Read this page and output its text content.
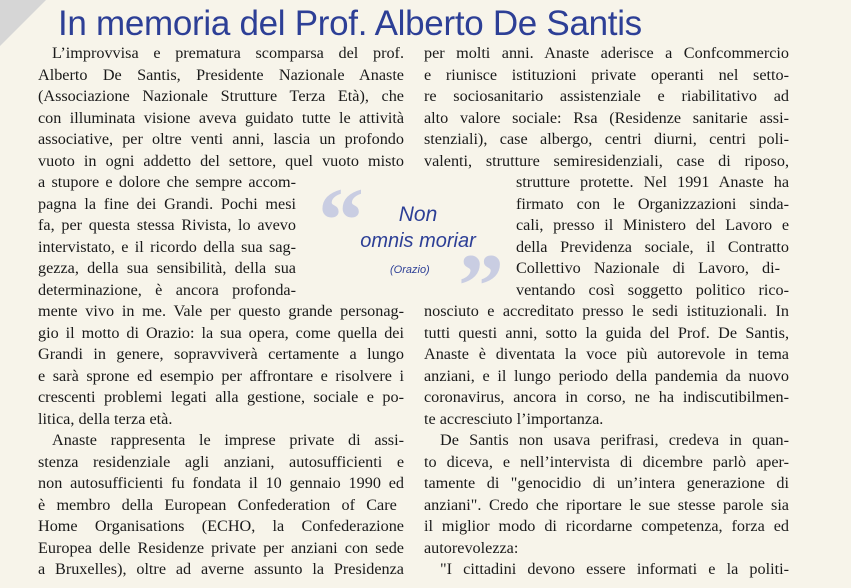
In memoria del Prof. Alberto De Santis
L’improvvisa e prematura scomparsa del prof.
Alberto De Santis, Presidente Nazionale Anaste
(Associazione Nazionale Strutture Terza Età), che
con illuminata visione aveva guidato tutte le attività
associative, per oltre venti anni, lascia un profondo
vuoto in ogni addetto del settore, quel vuoto misto
a stupore e dolore che sempre accom-
pagna la fine dei Grandi. Pochi mesi
fa, per questa stessa Rivista, lo avevo
intervistato, e il ricordo della sua sag-
gezza, della sua sensibilità, della sua
determinazione, è ancora profonda-
mente vivo in me. Vale per questo grande personag-
gio il motto di Orazio: la sua opera, come quella dei
Grandi in genere, sopravviverà certamente a lungo
e sarà sprone ed esempio per affrontare e risolvere i
crescenti problemi legati alla gestione, sociale e po-
litica, della terza età.
Anaste rappresenta le imprese private di assi-
stenza residenziale agli anziani, autosufficienti e
non autosufficienti fu fondata il 10 gennaio 1990 ed
è membro della European Confederation of Care
Home Organisations (ECHO, la Confederazione
Europea delle Residenze private per anziani con sede
a Bruxelles), oltre ad averne assunto la Presidenza
per molti anni. Anaste aderisce a Confcommercio
e riunisce istituzioni private operanti nel setto-
re sociosanitario assistenziale e riabilitativo ad
alto valore sociale: Rsa (Residenze sanitarie assi-
stenziali), case albergo, centri diurni, centri poli-
valenti, strutture semiresidenziali, case di riposo,
strutture protette. Nel 1991 Anaste ha
firmato con le Organizzazioni sinda-
cali, presso il Ministero del Lavoro e
della Previdenza sociale, il Contratto
Collettivo Nazionale di Lavoro, di-
ventando così soggetto politico rico-
nosciuto e accreditato presso le sedi istituzionali. In
tutti questi anni, sotto la guida del Prof. De Santis,
Anaste è diventata la voce più autorevole in tema
anziani, e il lungo periodo della pandemia da nuovo
coronavirus, ancora in corso, ne ha indiscutibilmen-
te accresciuto l’importanza.
De Santis non usava perifrasi, credeva in quan-
to diceva, e nell’intervista di dicembre parlò aper-
tamente di "genocidio di un’intera generazione di
anziani". Credo che riportare le sue stesse parole sia
il miglior modo di ricordarne competenza, forza ed
autorevolezza:
"I cittadini devono essere informati e la politi-
“
”
Non
omnis moriar
(Orazio)
